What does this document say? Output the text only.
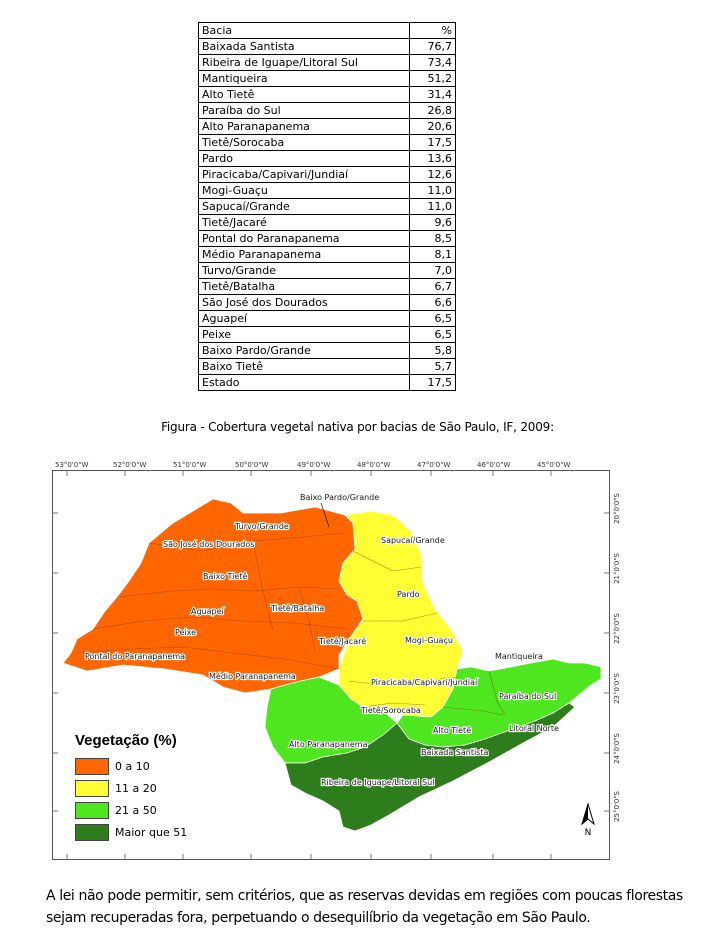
Bacia	%
Baixada Santista	76,7
Ribeira de Iguape/Litoral Sul	73,4
Mantiqueira	51,2
Alto Tietê	31,4
Paraíba do Sul	26,8
Alto Paranapanema	20,6
Tietê/Sorocaba	17,5
Pardo	13,6
Piracicaba/Capivari/Jundiaí	12,6
Mogi-Guaçu	11,0
Sapucaí/Grande	11,0
Tietê/Jacaré	9,6
Pontal do Paranapanema	8,5
Médio Paranapanema	8,1
Turvo/Grande	7,0
Tietê/Batalha	6,7
São José dos Dourados	6,6
Aguapeí	6,5
Peixe	6,5
Baixo Pardo/Grande	5,8
Baixo Tietê	5,7
Estado	17,5
Figura - Cobertura vegetal nativa por bacias de São Paulo, IF, 2009:
Baixo Pardo/Grande
Turvo/Grande
São José dos Dourados	Sapucaí/Grande
Baixo Tietê
Pardo
Aguapeí	Tietê/Batalha
Peixe
Tietê/Jacaré	Mogi-Guaçu
Mantiqueira
Pontal do Paranapanema
Médio Paranapanema
Piracicaba/Capivari/Jundiaí
Paraíba do Sul
Tietê/Sorocaba
Alto Tietê	Litoral Norte
Alto Paranapanema
Baixada Santista
Ribeira de Iguape/Litoral Sul
53°0'0"W	52°0'0"W	51°0'0"W	50°0'0"W	49°0'0"W	48°0'0"W	47°0'0"W	46°0'0"W	45°0'0"W
20°0'0"S
21°0'0"S
22°0'0"S
23°0'0"S
24°0'0"S
25°0'0"S
Vegetação (%)
0 a 10
11 a 20
21 a 50
Maior que 51	N
A lei não pode permitir, sem critérios, que as reservas devidas em regiões com poucas florestas sejam recuperadas fora, perpetuando o desequilíbrio da vegetação em São Paulo.
